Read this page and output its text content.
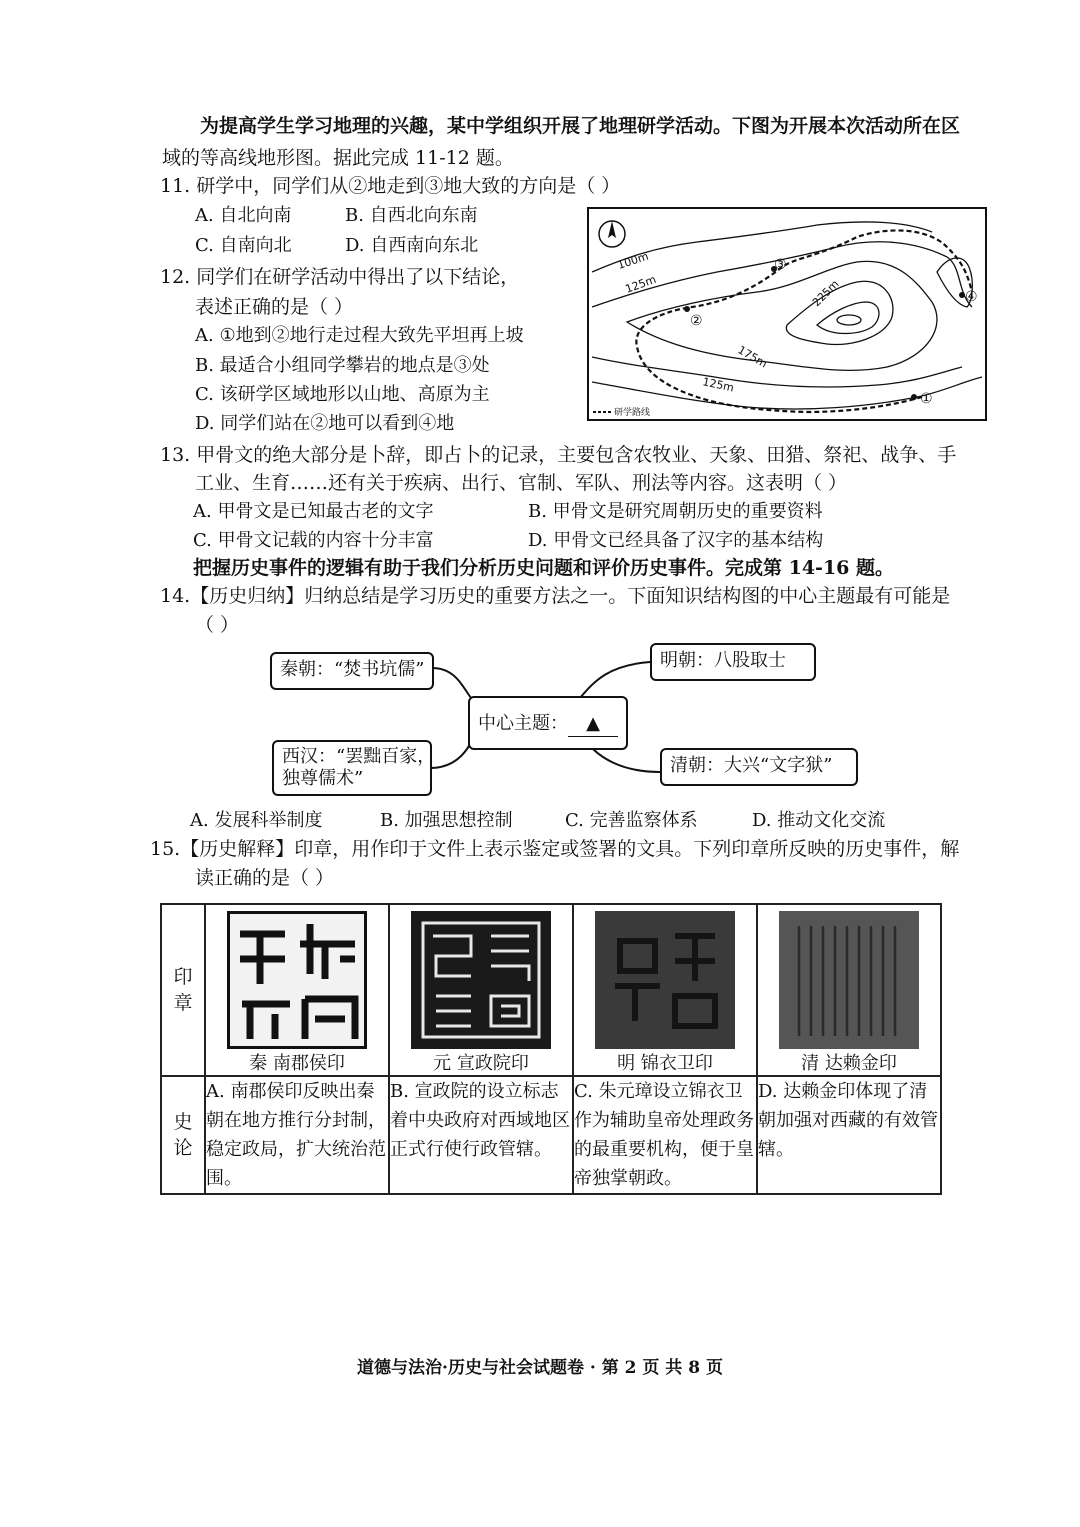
为提高学生学习地理的兴趣，某中学组织开展了地理研学活动。下图为开展本次活动所在区
域的等高线地形图。据此完成 11-12 题。
11. 研学中，同学们从②地走到③地大致的方向是（ ）
A. 自北向南	B. 自西北向东南
C. 自南向北	D. 自西南向东北
12. 同学们在研学活动中得出了以下结论，
表述正确的是（ ）
A. ①地到②地行走过程大致先平坦再上坡
B. 最适合小组同学攀岩的地点是③处
C. 该研学区域地形以山地、高原为主
D. 同学们站在②地可以看到④地
100m
125m	225m
175m
125m
①
②
③
④
研学路线
13. 甲骨文的绝大部分是卜辞，即占卜的记录，主要包含农牧业、天象、田猎、祭祀、战争、手
工业、生育……还有关于疾病、出行、官制、军队、刑法等内容。这表明（ ）
A. 甲骨文是已知最古老的文字	B. 甲骨文是研究周朝历史的重要资料
C. 甲骨文记载的内容十分丰富	D. 甲骨文已经具备了汉字的基本结构
把握历史事件的逻辑有助于我们分析历史问题和评价历史事件。完成第 14-16 题。
14.【历史归纳】归纳总结是学习历史的重要方法之一。下面知识结构图的中心主题最有可能是
（ ）
秦朝：“焚书坑儒”	明朝：八股取士
中心主题： ▲
西汉：“罢黜百家，
独尊儒术”
清朝：大兴“文字狱”
A. 发展科举制度	B. 加强思想控制	C. 完善监察体系	D. 推动文化交流
15.【历史解释】印章，用作印于文件上表示鉴定或签署的文具。下列印章所反映的历史事件，解
读正确的是（ ）
印章	秦 南郡侯印	元 宣政院印	明 锦衣卫印	清 达赖金印

史论	A. 南郡侯印反映出秦朝在地方推行分封制，稳定政局，扩大统治范围。	B. 宣政院的设立标志着中央政府对西域地区正式行使行政管辖。	C. 朱元璋设立锦衣卫作为辅助皇帝处理政务的最重要机构，便于皇帝独掌朝政。	D. 达赖金印体现了清朝加强对西藏的有效管辖。
道德与法治·历史与社会试题卷 · 第 2 页 共 8 页
